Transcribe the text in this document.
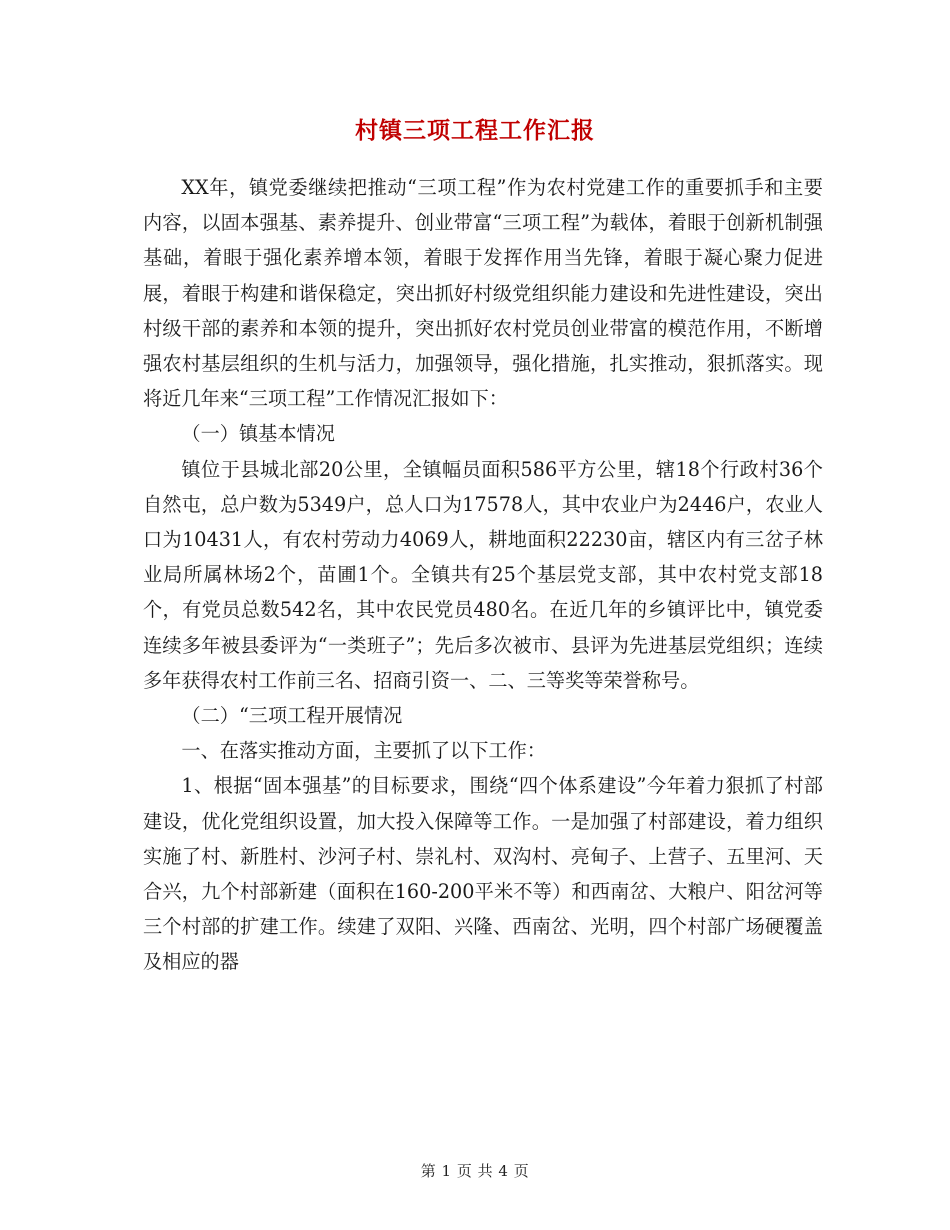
村镇三项工程工作汇报

XX年，镇党委继续把推动“三项工程”作为农村党建工作的重要抓手和主要内容，以固本强基、素养提升、创业带富“三项工程”为载体，着眼于创新机制强基础，着眼于强化素养增本领，着眼于发挥作用当先锋，着眼于凝心聚力促进展，着眼于构建和谐保稳定，突出抓好村级党组织能力建设和先进性建设，突出村级干部的素养和本领的提升，突出抓好农村党员创业带富的模范作用，不断增强农村基层组织的生机与活力，加强领导，强化措施，扎实推动，狠抓落实。现将近几年来“三项工程”工作情况汇报如下：

（一）镇基本情况

镇位于县城北部20公里，全镇幅员面积586平方公里，辖18个行政村36个自然屯，总户数为5349户，总人口为17578人，其中农业户为2446户，农业人口为10431人，有农村劳动力4069人，耕地面积22230亩，辖区内有三岔子林业局所属林场2个，苗圃1个。全镇共有25个基层党支部，其中农村党支部18个，有党员总数542名，其中农民党员480名。在近几年的乡镇评比中，镇党委连续多年被县委评为“一类班子”；先后多次被市、县评为先进基层党组织；连续多年获得农村工作前三名、招商引资一、二、三等奖等荣誉称号。

（二）“三项工程开展情况

一、在落实推动方面，主要抓了以下工作：

1、根据“固本强基”的目标要求，围绕“四个体系建设”今年着力狠抓了村部建设，优化党组织设置，加大投入保障等工作。一是加强了村部建设，着力组织实施了村、新胜村、沙河子村、崇礼村、双沟村、亮甸子、上营子、五里河、天合兴，九个村部新建（面积在160-200平米不等）和西南岔、大粮户、阳岔河等三个村部的扩建工作。续建了双阳、兴隆、西南岔、光明，四个村部广场硬覆盖及相应的器

第 1 页 共 4 页
